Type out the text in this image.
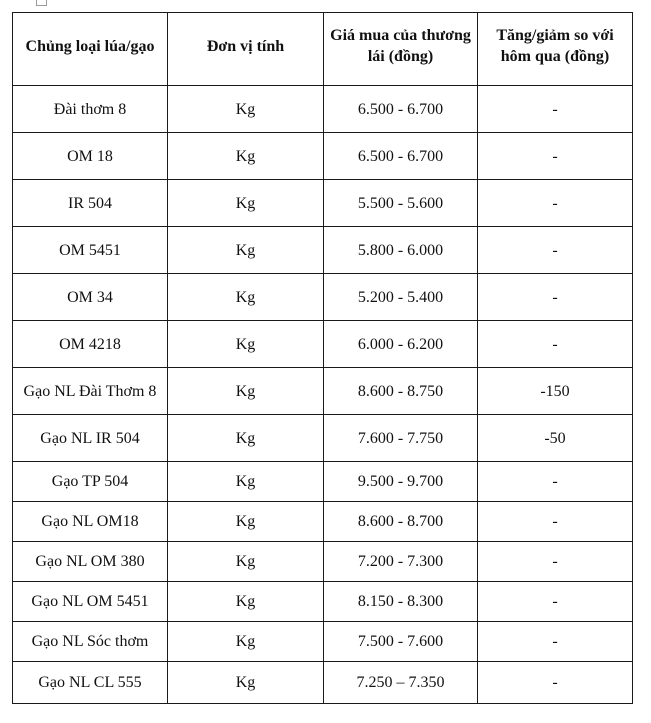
Chủng loại lúa/gạo	Đơn vị tính	Giá mua của thương lái (đồng)	Tăng/giảm so với hôm qua (đồng)

Đài thơm 8	Kg	6.500 - 6.700	-
OM 18	Kg	6.500 - 6.700	-
IR 504	Kg	5.500 - 5.600	-
OM 5451	Kg	5.800 - 6.000	-
OM 34	Kg	5.200 - 5.400	-
OM 4218	Kg	6.000 - 6.200	-
Gạo NL Đài Thơm 8	Kg	8.600 - 8.750	-150
Gạo NL IR 504	Kg	7.600 - 7.750	-50
Gạo TP 504	Kg	9.500 - 9.700	-
Gạo NL OM18	Kg	8.600 - 8.700	-
Gạo NL OM 380	Kg	7.200 - 7.300	-
Gạo NL OM 5451	Kg	8.150 - 8.300	-
Gạo NL Sóc thơm	Kg	7.500 - 7.600	-
Gạo NL CL 555	Kg	7.250 – 7.350	-
